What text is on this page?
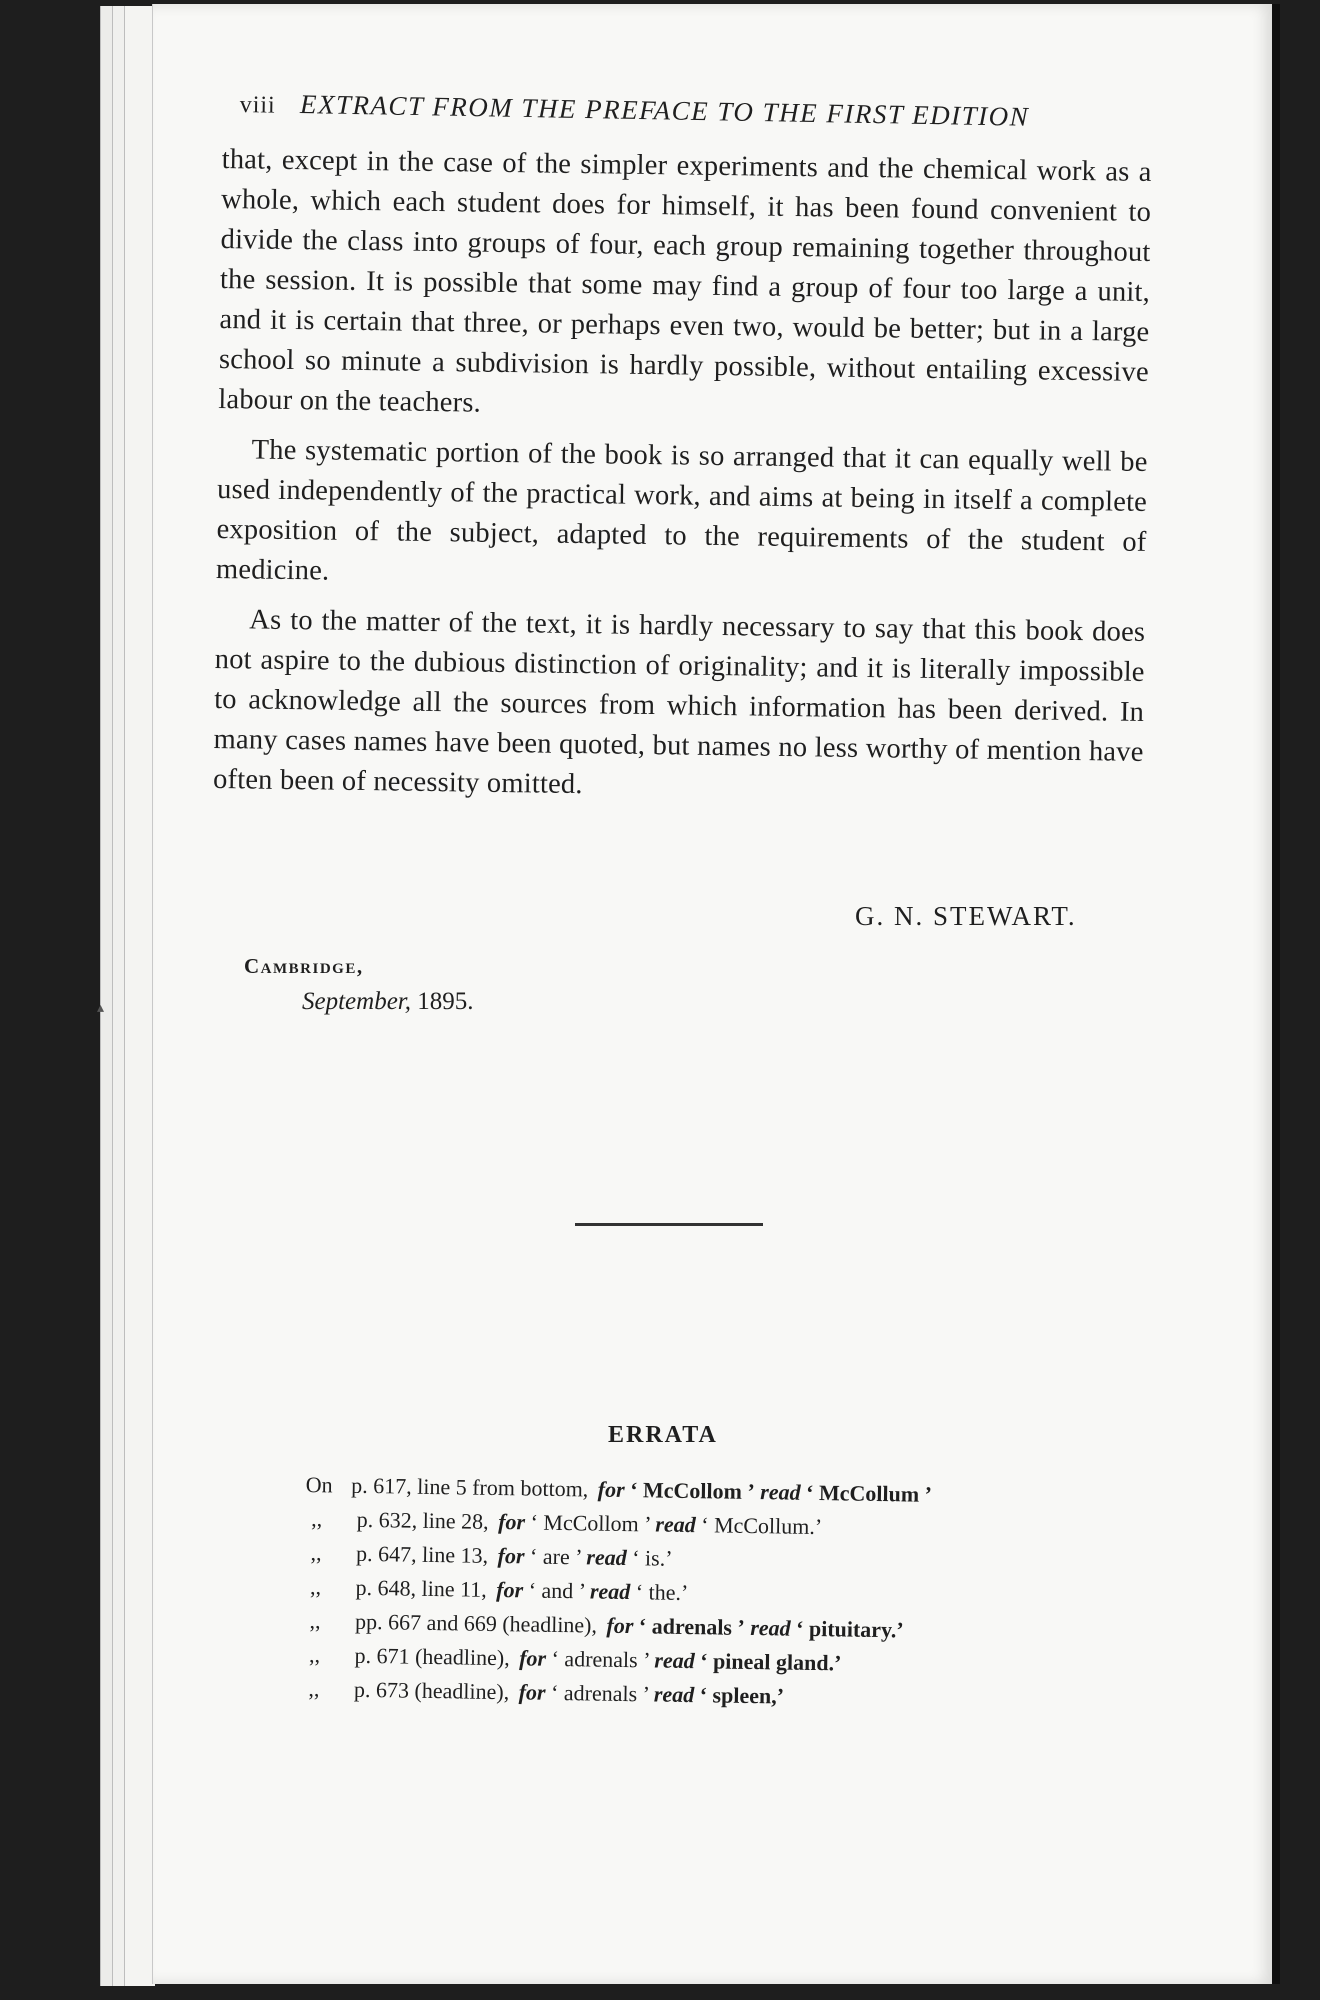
▴
viii EXTRACT FROM THE PREFACE TO THE FIRST EDITION

that, except in the case of the simpler experiments and the chemical work as a whole, which each student does for himself, it has been found convenient to divide the class into groups of four, each group remaining together throughout the session. It is possible that some may find a group of four too large a unit, and it is certain that three, or perhaps even two, would be better; but in a large school so minute a subdivision is hardly possible, without entailing excessive labour on the teachers.

The systematic portion of the book is so arranged that it can equally well be used independently of the practical work, and aims at being in itself a complete exposition of the subject, adapted to the requirements of the student of medicine.

As to the matter of the text, it is hardly necessary to say that this book does not aspire to the dubious distinction of originality; and it is literally impossible to acknowledge all the sources from which information has been derived. In many cases names have been quoted, but names no less worthy of mention have often been of necessity omitted.

G. N. STEWART.
Cambridge,
September, 1895.
ERRATA
On p. 617, line 5 from bottom, for ‘ McCollom ’ read ‘ McCollum ’
,, p. 632, line 28, for ‘ McCollom ’ read ‘ McCollum.’
,, p. 647, line 13, for ‘ are ’ read ‘ is.’
,, p. 648, line 11, for ‘ and ’ read ‘ the.’
,, pp. 667 and 669 (headline), for ‘ adrenals ’ read ‘ pituitary.’
,, p. 671 (headline), for ‘ adrenals ’ read ‘ pineal gland.’
,, p. 673 (headline), for ‘ adrenals ’ read ‘ spleen,’
